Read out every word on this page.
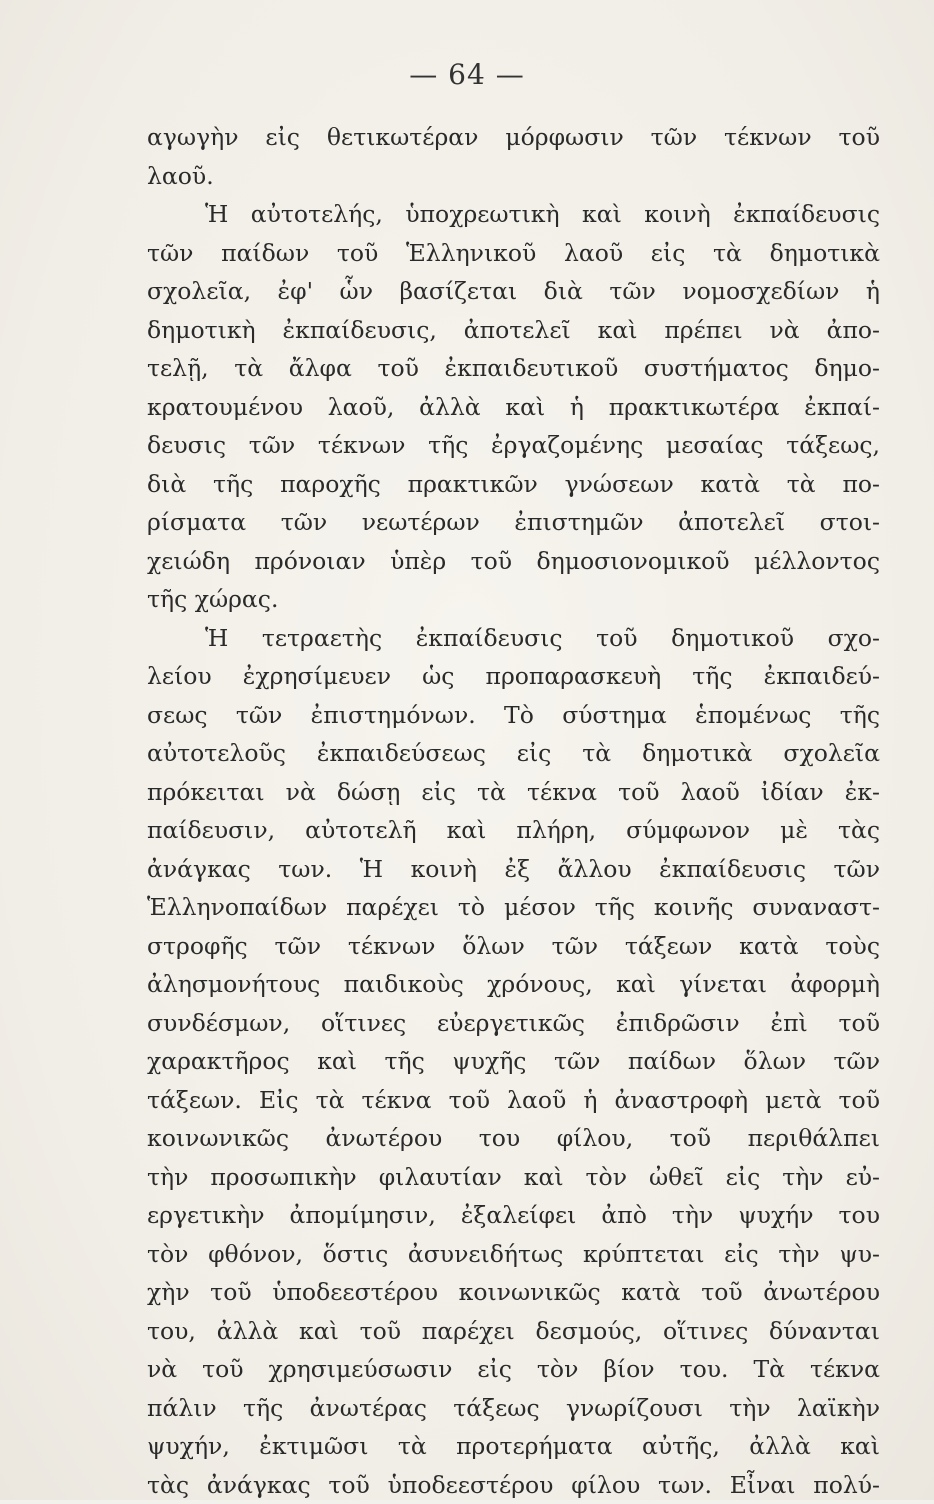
— 64 —
αγωγὴν εἰς θετικωτέραν μόρφωσιν τῶν τέκνων τοῦ
λαοῦ.
Ἡ αὐτοτελής, ὑποχρεωτικὴ καὶ κοινὴ ἐκπαίδευσις
τῶν παίδων τοῦ Ἑλληνικοῦ λαοῦ εἰς τὰ δημοτικὰ
σχολεῖα, ἐφ' ὧν βασίζεται διὰ τῶν νομοσχεδίων ἡ
δημοτικὴ ἐκπαίδευσις, ἀποτελεῖ καὶ πρέπει νὰ ἀπο-
τελῇ, τὰ ἄλφα τοῦ ἐκπαιδευτικοῦ συστήματος δημο-
κρατουμένου λαοῦ, ἀλλὰ καὶ ἡ πρακτικωτέρα ἐκπαί-
δευσις τῶν τέκνων τῆς ἐργαζομένης μεσαίας τάξεως,
διὰ τῆς παροχῆς πρακτικῶν γνώσεων κατὰ τὰ πο-
ρίσματα τῶν νεωτέρων ἐπιστημῶν ἀποτελεῖ στοι-
χειώδη πρόνοιαν ὑπὲρ τοῦ δημοσιονομικοῦ μέλλοντος
τῆς χώρας.
Ἡ τετραετὴς ἐκπαίδευσις τοῦ δημοτικοῦ σχο-
λείου ἐχρησίμευεν ὡς προπαρασκευὴ τῆς ἐκπαιδεύ-
σεως τῶν ἐπιστημόνων. Τὸ σύστημα ἑπομένως τῆς
αὐτοτελοῦς ἐκπαιδεύσεως εἰς τὰ δημοτικὰ σχολεῖα
πρόκειται νὰ δώσῃ εἰς τὰ τέκνα τοῦ λαοῦ ἰδίαν ἐκ-
παίδευσιν, αὐτοτελῆ καὶ πλήρη, σύμφωνον μὲ τὰς
ἀνάγκας των. Ἡ κοινὴ ἐξ ἄλλου ἐκπαίδευσις τῶν
Ἑλληνοπαίδων παρέχει τὸ μέσον τῆς κοινῆς συναναστ-
στροφῆς τῶν τέκνων ὅλων τῶν τάξεων κατὰ τοὺς
ἀλησμονήτους παιδικοὺς χρόνους, καὶ γίνεται ἀφορμὴ
συνδέσμων, οἵτινες εὐεργετικῶς ἐπιδρῶσιν ἐπὶ τοῦ
χαρακτῆρος καὶ τῆς ψυχῆς τῶν παίδων ὅλων τῶν
τάξεων. Εἰς τὰ τέκνα τοῦ λαοῦ ἡ ἀναστροφὴ μετὰ τοῦ
κοινωνικῶς ἀνωτέρου του φίλου, τοῦ περιθάλπει
τὴν προσωπικὴν φιλαυτίαν καὶ τὸν ὠθεῖ εἰς τὴν εὐ-
εργετικὴν ἀπομίμησιν, ἐξαλείφει ἀπὸ τὴν ψυχήν του
τὸν φθόνον, ὅστις ἀσυνειδήτως κρύπτεται εἰς τὴν ψυ-
χὴν τοῦ ὑποδεεστέρου κοινωνικῶς κατὰ τοῦ ἀνωτέρου
του, ἀλλὰ καὶ τοῦ παρέχει δεσμούς, οἵτινες δύνανται
νὰ τοῦ χρησιμεύσωσιν εἰς τὸν βίον του. Τὰ τέκνα
πάλιν τῆς ἀνωτέρας τάξεως γνωρίζουσι τὴν λαϊκὴν
ψυχήν, ἐκτιμῶσι τὰ προτερήματα αὐτῆς, ἀλλὰ καὶ
τὰς ἀνάγκας τοῦ ὑποδεεστέρου φίλου των. Εἶναι πολύ-
